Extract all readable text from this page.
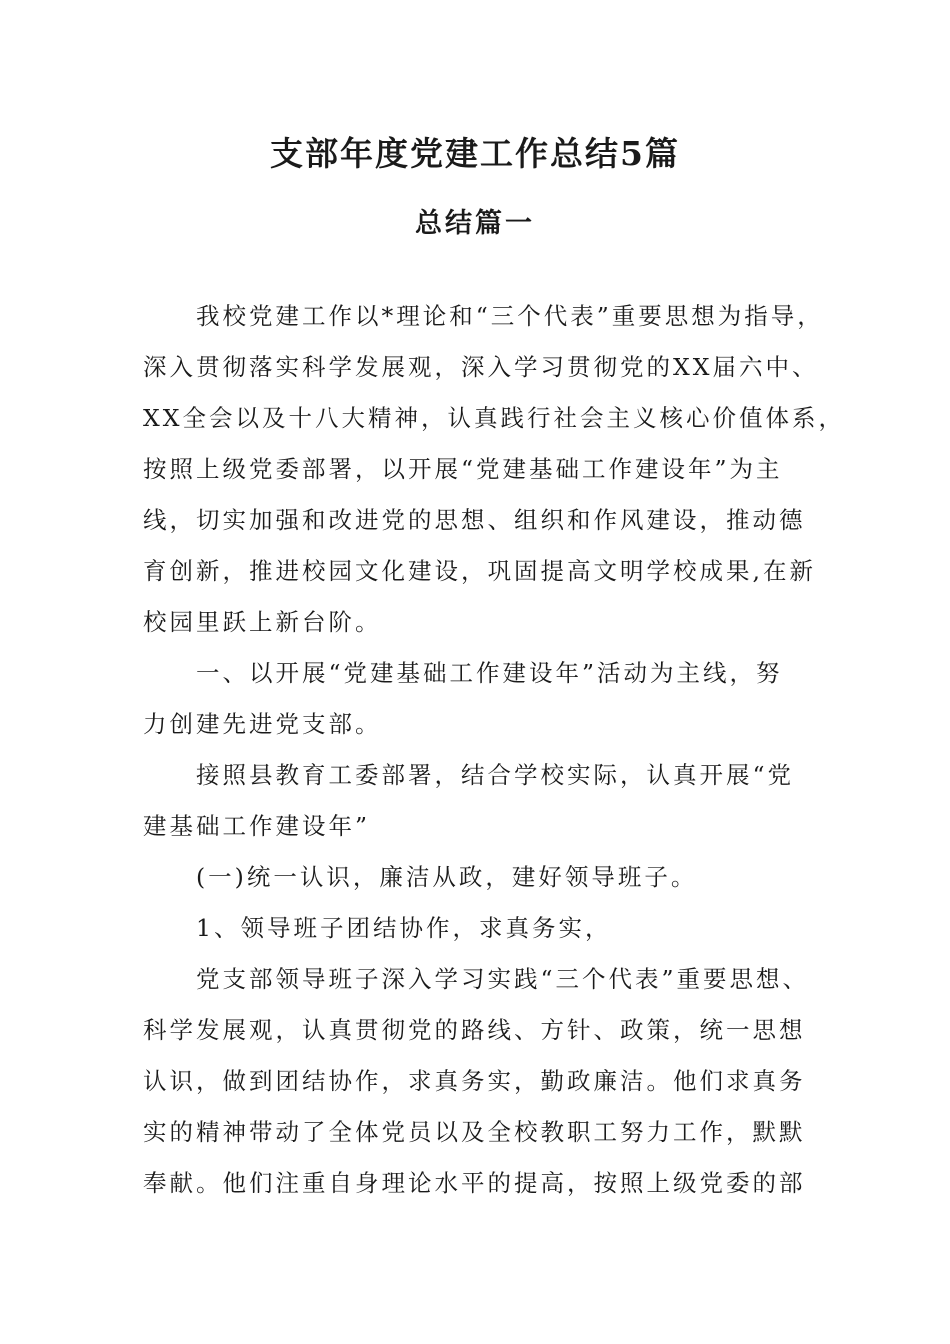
支部年度党建工作总结5篇
总结篇一
我校党建工作以*理论和“三个代表”重要思想为指导，
深入贯彻落实科学发展观，深入学习贯彻党的XX届六中、
XX全会以及十八大精神，认真践行社会主义核心价值体系，
按照上级党委部署，以开展“党建基础工作建设年”为主
线，切实加强和改进党的思想、组织和作风建设，推动德
育创新，推进校园文化建设，巩固提高文明学校成果,在新
校园里跃上新台阶。
一、以开展“党建基础工作建设年”活动为主线，努
力创建先进党支部。
接照县教育工委部署，结合学校实际，认真开展“党
建基础工作建设年”
(一)统一认识，廉洁从政，建好领导班子。
1、领导班子团结协作，求真务实，
党支部领导班子深入学习实践“三个代表”重要思想、
科学发展观，认真贯彻党的路线、方针、政策，统一思想
认识，做到团结协作，求真务实，勤政廉洁。他们求真务
实的精神带动了全体党员以及全校教职工努力工作，默默
奉献。他们注重自身理论水平的提高，按照上级党委的部
